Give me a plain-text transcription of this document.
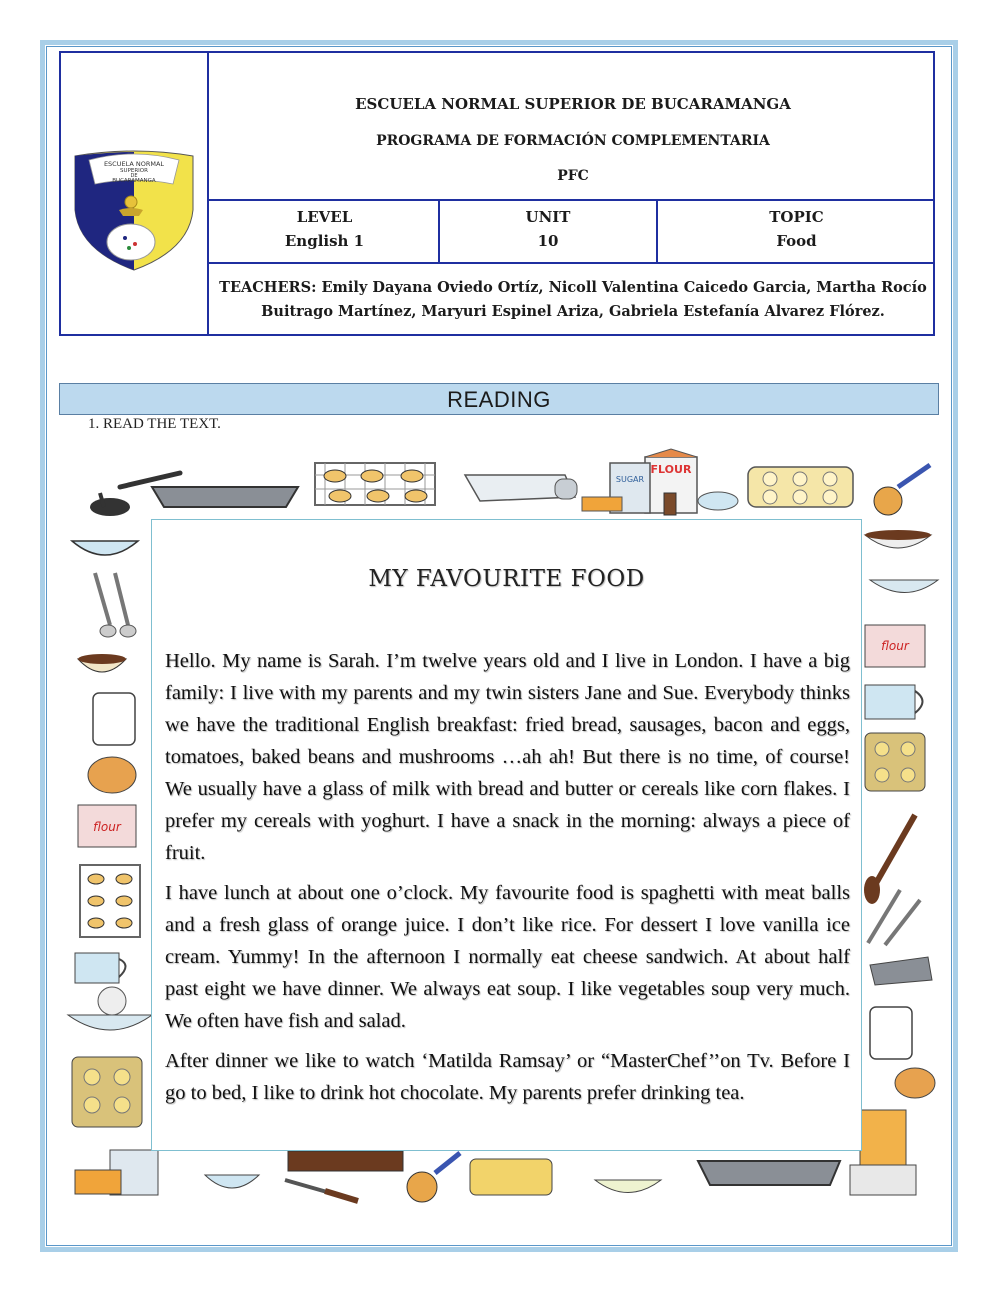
ESCUELA NORMAL
SUPERIOR
DE
BUCARAMANGA
ESCUELA NORMAL SUPERIOR DE BUCARAMANGA
PROGRAMA DE FORMACIÓN COMPLEMENTARIA
PFC
LEVEL
English 1
UNIT
10
TOPIC
Food
TEACHERS: Emily Dayana Oviedo Ortíz, Nicoll Valentina Caicedo Garcia, Martha Rocío
Buitrago Martínez, Maryuri Espinel Ariza, Gabriela Estefanía Alvarez Flórez.
READING
1. READ THE TEXT.
FLOUR
SUGAR
flour
flour
MY FAVOURITE FOOD

Hello. My name is Sarah. I’m twelve years old and I live in London. I have a big family: I live with my parents and my twin sisters Jane and Sue. Everybody thinks we have the traditional English breakfast: fried bread, sausages, bacon and eggs, tomatoes, baked beans and mushrooms …ah ah! But there is no time, of course! We usually have a glass of milk with bread and butter or cereals like corn flakes. I prefer my cereals with yoghurt. I have a snack in the morning: always a piece of fruit.

I have lunch at about one o’clock. My favourite food is spaghetti with meat balls and a fresh glass of orange juice. I don’t like rice. For dessert I love vanilla ice cream. Yummy! In the afternoon I normally eat cheese sandwich. At about half past eight we have dinner. We always eat soup. I like vegetables soup very much. We often have fish and salad.

After dinner we like to watch ‘Matilda Ramsay’ or “MasterChef’’on Tv. Before I go to bed, I like to drink hot chocolate. My parents prefer drinking tea.
